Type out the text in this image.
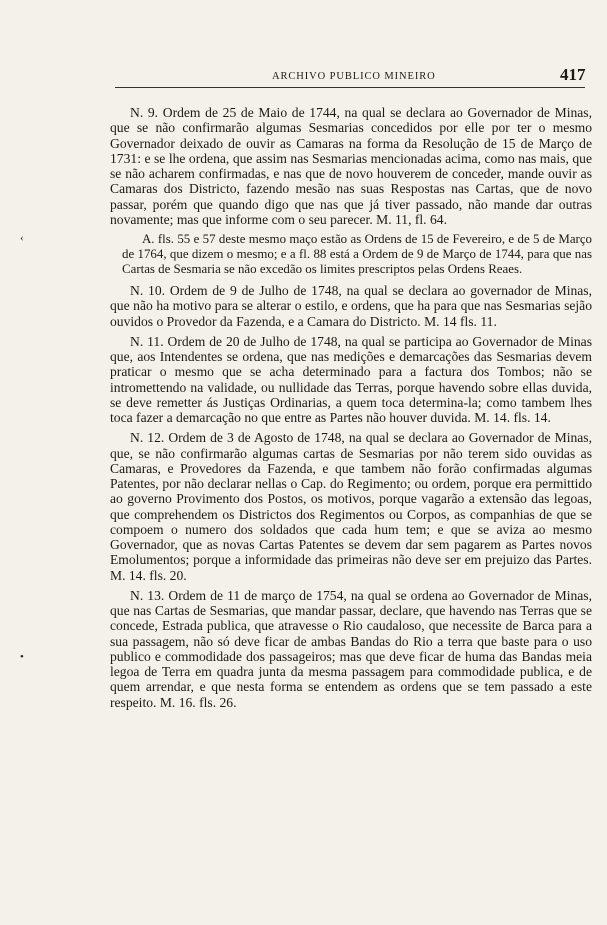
ARCHIVO PUBLICO MINEIRO	417
‹
•

N. 9. Ordem de 25 de Maio de 1744, na qual se declara ao Governador de Minas, que se não confirmarão algumas Sesmarias concedidos por elle por ter o mesmo Governador deixado de ouvir as Camaras na forma da Resolução de 15 de Março de 1731: e se lhe ordena, que assim nas Sesmarias mencionadas acima, como nas mais, que se não acharem confirmadas, e nas que de novo houverem de conceder, mande ouvir as Camaras dos Districto, fazendo mesão nas suas Respostas nas Cartas, que de novo passar, porém que quando digo que nas que já tiver passado, não mande dar outras novamente; mas que informe com o seu parecer. M. 11, fl. 64.

A. fls. 55 e 57 deste mesmo maço estão as Ordens de 15 de Fevereiro, e de 5 de Março de 1764, que dizem o mesmo; e a fl. 88 está a Ordem de 9 de Março de 1744, para que nas Cartas de Sesmaria se não excedão os limites prescriptos pelas Ordens Reaes.

N. 10. Ordem de 9 de Julho de 1748, na qual se declara ao governador de Minas, que não ha motivo para se alterar o estilo, e ordens, que ha para que nas Sesmarias sejão ouvidos o Provedor da Fazenda, e a Camara do Districto. M. 14 fls. 11.

N. 11. Ordem de 20 de Julho de 1748, na qual se participa ao Governador de Minas que, aos Intendentes se ordena, que nas medições e demarcações das Sesmarias devem praticar o mesmo que se acha determinado para a factura dos Tombos; não se intromettendo na validade, ou nullidade das Terras, porque havendo sobre ellas duvida, se deve remetter ás Justiças Ordinarias, a quem toca determina-la; como tambem lhes toca fazer a demarcação no que entre as Partes não houver duvida. M. 14. fls. 14.

N. 12. Ordem de 3 de Agosto de 1748, na qual se declara ao Governador de Minas, que, se não confirmarão algumas cartas de Sesmarias por não terem sido ouvidas as Camaras, e Provedores da Fazenda, e que tambem não forão confirmadas algumas Patentes, por não declarar nellas o Cap. do Regimento; ou ordem, porque era permittido ao governo Provimento dos Postos, os motivos, porque vagarão a extensão das legoas, que comprehendem os Districtos dos Regimentos ou Corpos, as companhias de que se compoem o numero dos soldados que cada hum tem; e que se aviza ao mesmo Governador, que as novas Cartas Patentes se devem dar sem pagarem as Partes novos Emolumentos; porque a informidade das primeiras não deve ser em prejuizo das Partes. M. 14. fls. 20.

N. 13. Ordem de 11 de março de 1754, na qual se ordena ao Governador de Minas, que nas Cartas de Sesmarias, que mandar passar, declare, que havendo nas Terras que se concede, Estrada publica, que atravesse o Rio caudaloso, que necessite de Barca para a sua passagem, não só deve ficar de ambas Bandas do Rio a terra que baste para o uso publico e commodidade dos passageiros; mas que deve ficar de huma das Bandas meia legoa de Terra em quadra junta da mesma passagem para commodidade publica, e de quem arrendar, e que nesta forma se entendem as ordens que se tem passado a este respeito. M. 16. fls. 26.
